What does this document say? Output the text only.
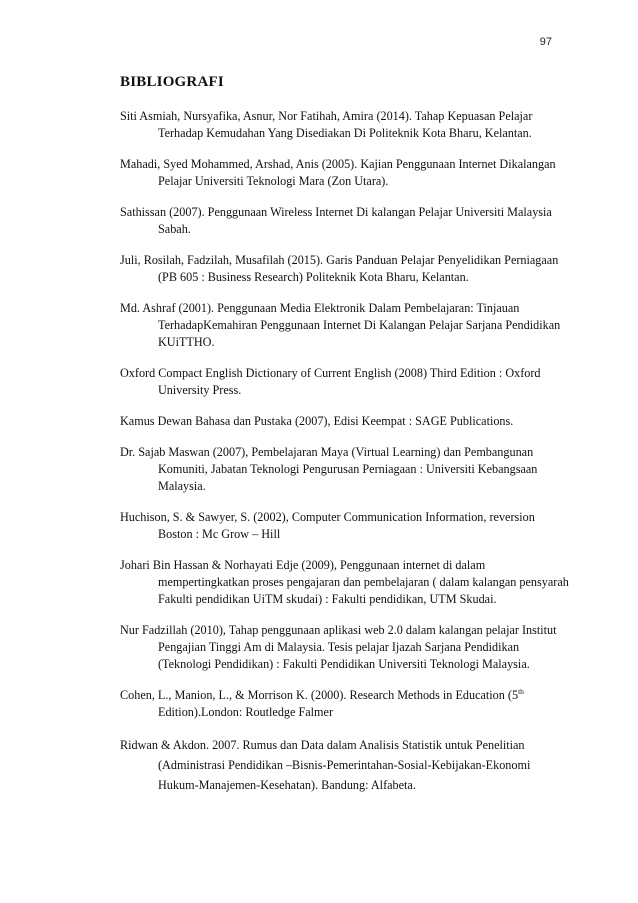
97
BIBLIOGRAFI

Siti Asmiah, Nursyafika, Asnur, Nor Fatihah, Amira (2014). Tahap Kepuasan Pelajar Terhadap Kemudahan Yang Disediakan Di Politeknik Kota Bharu, Kelantan.

Mahadi, Syed Mohammed, Arshad, Anis (2005). Kajian Penggunaan Internet Dikalangan Pelajar Universiti Teknologi Mara (Zon Utara).

Sathissan (2007). Penggunaan Wireless Internet Di kalangan Pelajar Universiti Malaysia Sabah.

Juli, Rosilah, Fadzilah, Musafilah (2015). Garis Panduan Pelajar Penyelidikan Perniagaan (PB 605 : Business Research) Politeknik Kota Bharu, Kelantan.

Md. Ashraf (2001). Penggunaan Media Elektronik Dalam Pembelajaran: Tinjauan TerhadapKemahiran Penggunaan Internet Di Kalangan Pelajar Sarjana Pendidikan KUiTTHO.

Oxford Compact English Dictionary of Current English (2008) Third Edition : Oxford University Press.

Kamus Dewan Bahasa dan Pustaka (2007), Edisi Keempat : SAGE Publications.

Dr. Sajab Maswan (2007), Pembelajaran Maya (Virtual Learning) dan Pembangunan Komuniti, Jabatan Teknologi Pengurusan Perniagaan : Universiti Kebangsaan Malaysia.

Huchison, S. & Sawyer, S. (2002), Computer Communication Information, reversion Boston : Mc Grow – Hill

Johari Bin Hassan & Norhayati Edje (2009), Penggunaan internet di dalam mempertingkatkan proses pengajaran dan pembelajaran ( dalam kalangan pensyarah Fakulti pendidikan UiTM skudai) : Fakulti pendidikan, UTM Skudai.

Nur Fadzillah (2010), Tahap penggunaan aplikasi web 2.0 dalam kalangan pelajar Institut Pengajian Tinggi Am di Malaysia. Tesis pelajar Ijazah Sarjana Pendidikan (Teknologi Pendidikan) : Fakulti Pendidikan Universiti Teknologi Malaysia.

Cohen, L., Manion, L., & Morrison K. (2000). Research Methods in Education (5th Edition).London: Routledge Falmer

Ridwan & Akdon. 2007. Rumus dan Data dalam Analisis Statistik untuk Penelitian (Administrasi Pendidikan –Bisnis-Pemerintahan-Sosial-Kebijakan-Ekonomi Hukum-Manajemen-Kesehatan). Bandung: Alfabeta.
